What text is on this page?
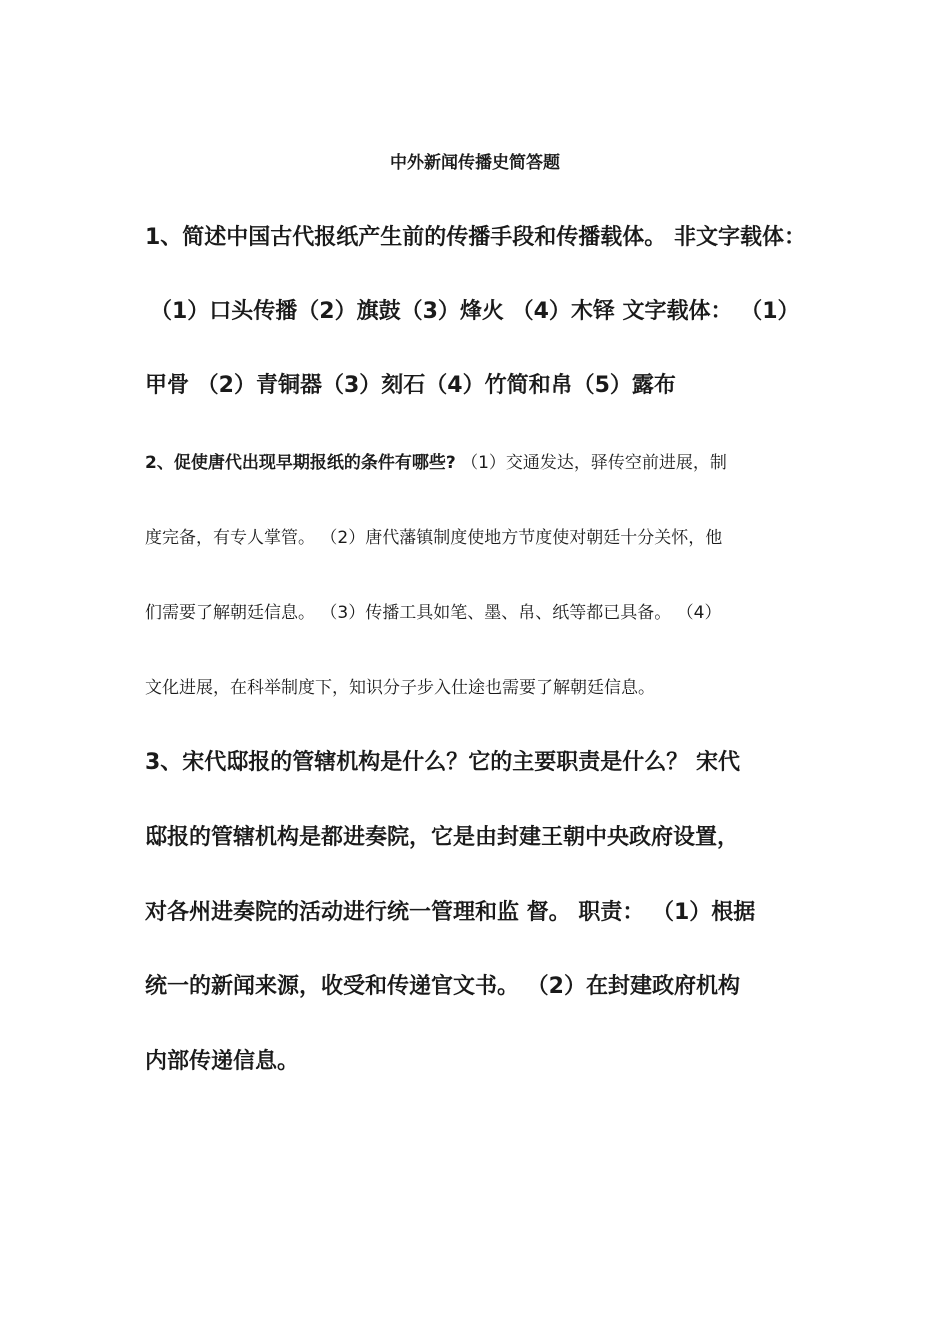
中外新闻传播史简答题
1、简述中国古代报纸产生前的传播手段和传播载体。 非文字载体：
（1）口头传播（2）旗鼓（3）烽火 （4）木铎 文字载体： （1）
甲骨 （2）青铜器（3）刻石（4）竹简和帛（5）露布
2、促使唐代出现早期报纸的条件有哪些? （1）交通发达，驿传空前进展，制
度完备，有专人掌管。 （2）唐代藩镇制度使地方节度使对朝廷十分关怀，他
们需要了解朝廷信息。 （3）传播工具如笔、墨、帛、纸等都已具备。 （4）
文化进展，在科举制度下，知识分子步入仕途也需要了解朝廷信息。
3、宋代邸报的管辖机构是什么？它的主要职责是什么？ 宋代
邸报的管辖机构是都进奏院，它是由封建王朝中央政府设置，
对各州进奏院的活动进行统一管理和监 督。 职责： （1）根据
统一的新闻来源，收受和传递官文书。 （2）在封建政府机构
内部传递信息。
